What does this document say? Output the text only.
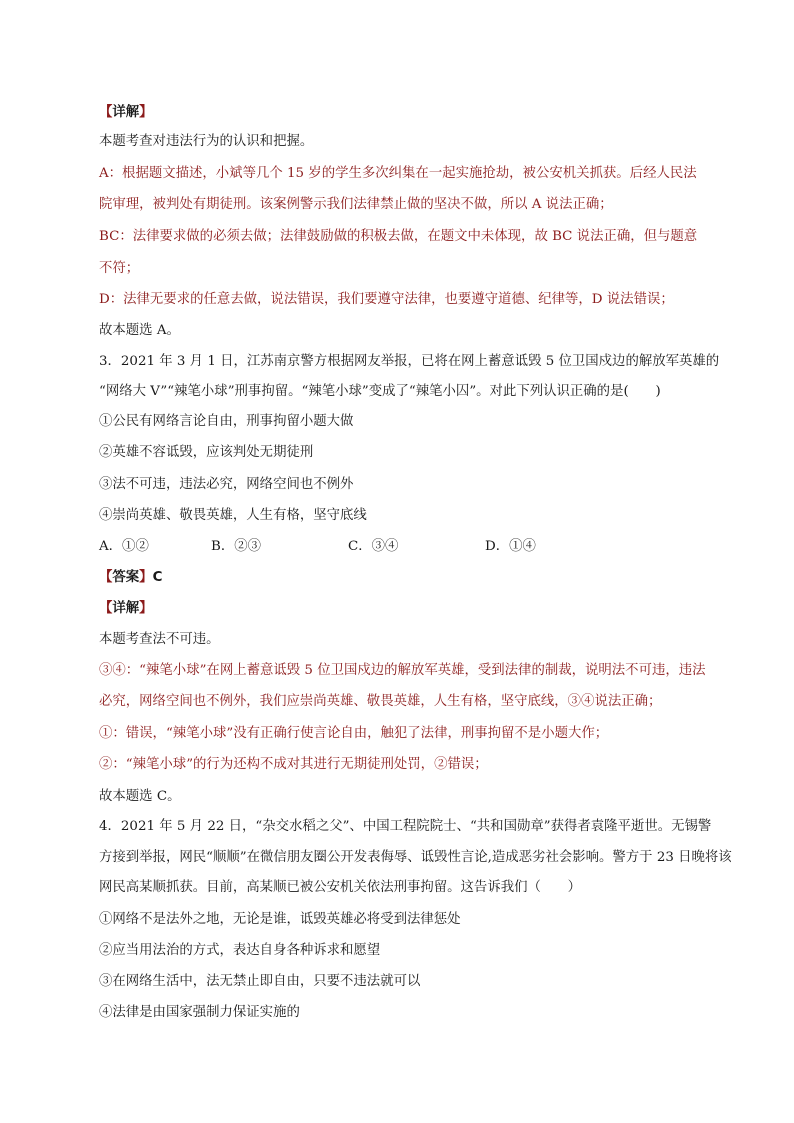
【详解】
本题考查对违法行为的认识和把握。
A：根据题文描述，小斌等几个 15 岁的学生多次纠集在一起实施抢劫，被公安机关抓获。后经人民法
院审理，被判处有期徒刑。该案例警示我们法律禁止做的坚决不做，所以 A 说法正确；
BC：法律要求做的必须去做；法律鼓励做的积极去做，在题文中未体现，故 BC 说法正确，但与题意
不符；
D：法律无要求的任意去做，说法错误，我们要遵守法律，也要遵守道德、纪律等，D 说法错误；
故本题选 A。
3．2021 年 3 月 1 日，江苏南京警方根据网友举报，已将在网上蓄意诋毁 5 位卫国戍边的解放军英雄的
“网络大 V”“辣笔小球”刑事拘留。“辣笔小球”变成了“辣笔小囚”。对此下列认识正确的是(　　)
①公民有网络言论自由，刑事拘留小题大做
②英雄不容诋毁，应该判处无期徒刑
③法不可违，违法必究，网络空间也不例外
④崇尚英雄、敬畏英雄，人生有格，坚守底线
A．①②	B．②③	C．③④	D．①④
【答案】C
【详解】
本题考查法不可违。
③④：“辣笔小球”在网上蓄意诋毁 5 位卫国戍边的解放军英雄，受到法律的制裁，说明法不可违，违法
必究，网络空间也不例外，我们应崇尚英雄、敬畏英雄，人生有格，坚守底线，③④说法正确；
①：错误，“辣笔小球”没有正确行使言论自由，触犯了法律，刑事拘留不是小题大作；
②：“辣笔小球”的行为还构不成对其进行无期徒刑处罚，②错误；
故本题选 C。
4．2021 年 5 月 22 日，“杂交水稻之父”、中国工程院院士、“共和国勋章”获得者袁隆平逝世。无锡警
方接到举报，网民“顺顺”在微信朋友圈公开发表侮辱、诋毁性言论,造成恶劣社会影响。警方于 23 日晚将该
网民高某顺抓获。目前，高某顺已被公安机关依法刑事拘留。这告诉我们（　　）
①网络不是法外之地，无论是谁，诋毁英雄必将受到法律惩处
②应当用法治的方式，表达自身各种诉求和愿望
③在网络生活中，法无禁止即自由，只要不违法就可以
④法律是由国家强制力保证实施的
